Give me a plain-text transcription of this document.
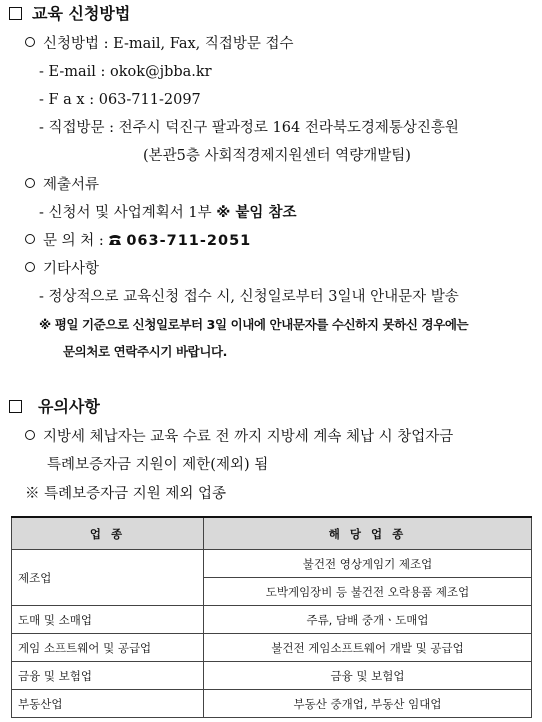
교육 신청방법
신청방법 : E-mail, Fax, 직접방문 접수
- E-mail : okok@jbba.kr
- F a x : 063-711-2097
- 직접방문 : 전주시 덕진구 팔과정로 164 전라북도경제통상진흥원
(본관5층 사회적경제지원센터 역량개발팀)
제출서류
- 신청서 및 사업계획서 1부 ※ 붙임 참조
문 의 처 : 063-711-2051
기타사항
- 정상적으로 교육신청 접수 시, 신청일로부터 3일내 안내문자 발송
※ 평일 기준으로 신청일로부터 3일 이내에 안내문자를 수신하지 못하신 경우에는
문의처로 연락주시기 바랍니다.
유의사항
지방세 체납자는 교육 수료 전 까지 지방세 계속 체납 시 창업자금
특례보증자금 지원이 제한(제외) 됨
※ 특례보증자금 지원 제외 업종
업 종	해 당 업 종
제조업	불건전 영상게임기 제조업
	도박게임장비 등 불건전 오락용품 제조업
도매 및 소매업	주류, 담배 중개ㆍ도매업
게임 소프트웨어 및 공급업	불건전 게임소프트웨어 개발 및 공급업
금융 및 보험업	금융 및 보험업
부동산업	부동산 중개업, 부동산 임대업
